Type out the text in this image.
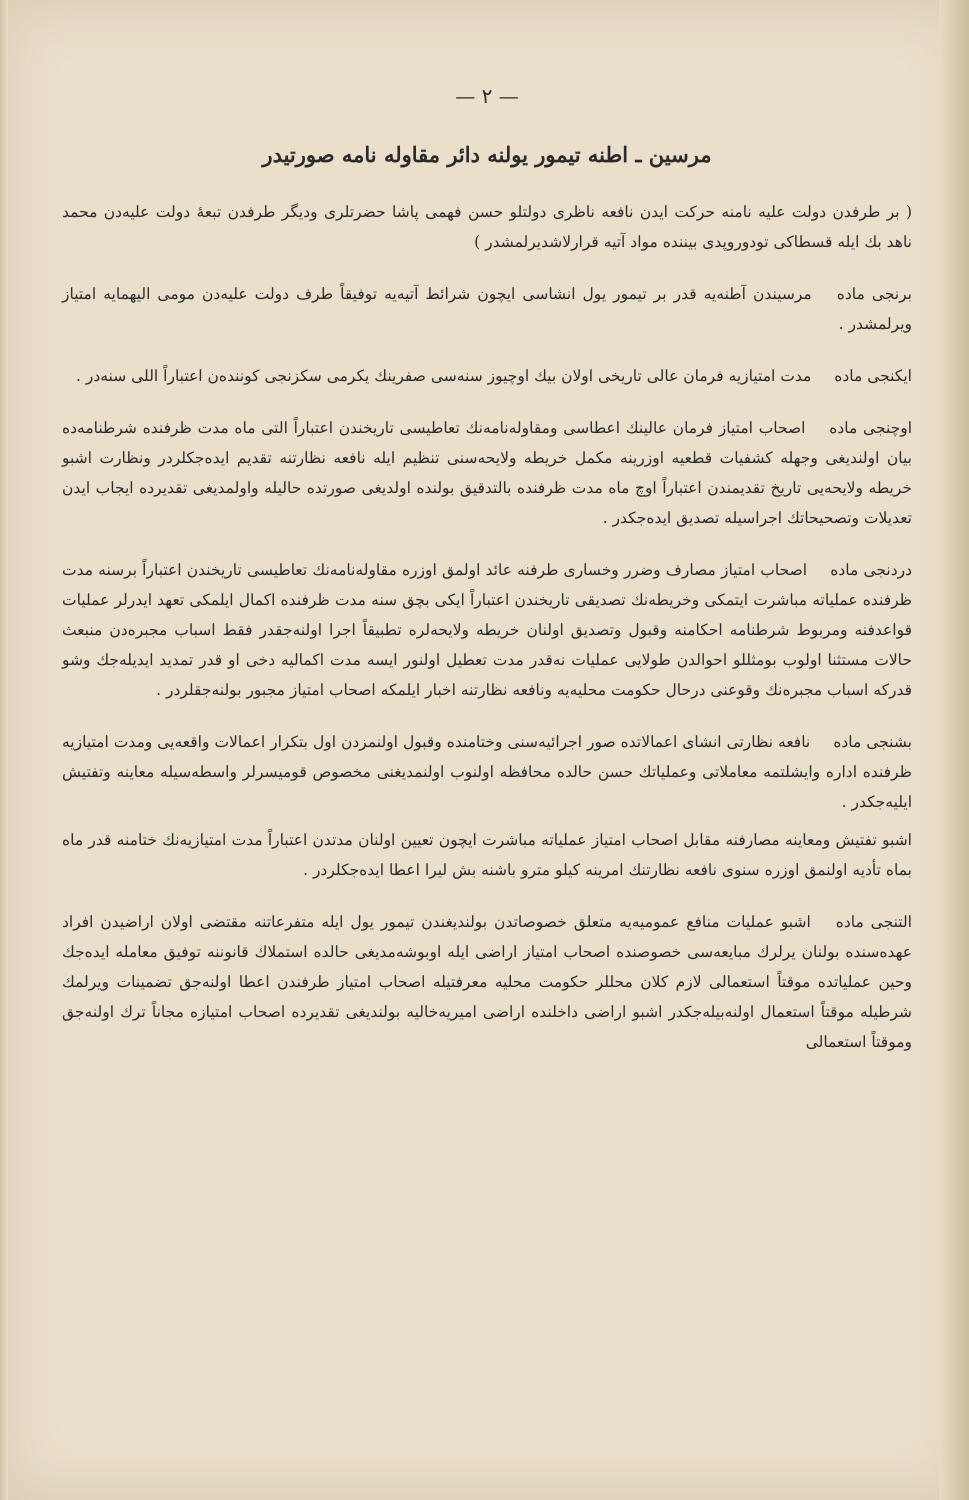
— ٢ —
مرسین ـ اطنه تیمور یولنه دائر مقاوله نامه صورتیدر

( بر طرفدن دولت علیه نامنه حرکت ایدن نافعه ناظری دولتلو حسن فهمی پاشا حضرتلری ودیگر طرفدن تبعهٔ دولت علیه‌دن محمد ناهد بك ایله قسطاکی تودوروپدی بیننده مواد آتیه قرارلاشدیرلمشدر )

برنجی ماده مرسیندن آطنه‌یه قدر بر تیمور یول انشاسی ایچون شرائط آتیه‌یه توفیقاً طرف دولت علیه‌دن مومی الیهمایه امتیاز ویرلمشدر .

ایکنجی ماده مدت امتیازیه فرمان عالی تاریخی اولان بیك اوچیوز سنه‌سی صفرینك یکرمی سکزنجی کوننده‌ن اعتباراً اللی سنه‌در .

اوچنجی ماده اصحاب امتیاز فرمان عالینك اعطاسی ومقاوله‌نامه‌نك تعاطیسی تاریخندن اعتباراً التی ماه مدت ظرفنده شرطنامه‌ده بیان اولندیغی وجهله کشفیات قطعیه اوزرینه مکمل خریطه ولایحه‌سنی تنظیم ایله نافعه نظارتنه تقدیم ایده‌جکلردر ونظارت اشبو خریطه ولایحه‌یی تاریخ تقدیمندن اعتباراً اوچ ماه مدت ظرفنده بالتدقیق بولنده اولدیغی صورتده حالیله واولمدیغی تقدیرده ایجاب ایدن تعدیلات وتصحیحاتك اجراسیله تصدیق ایده‌جکدر .

دردنجی ماده اصحاب امتیاز مصارف وضرر وخساری طرفنه عائد اولمق اوزره مقاوله‌نامه‌نك تعاطیسی تاریخندن اعتباراً برسنه مدت ظرفنده عملیاته مباشرت ایتمکی وخریطه‌نك تصدیقی تاریخندن اعتباراً ایکی بچق سنه مدت ظرفنده اکمال ایلمکی تعهد ایدرلر عملیات قواعدفنه ومربوط شرطنامه احکامنه وقبول وتصدیق اولنان خریطه ولایحه‌لره تطبیقاً اجرا اولنه‌جقدر فقط اسباب مجبره‌دن منبعث حالات مستثنا اولوب بومثللو احوالدن طولایی عملیات نه‌قدر مدت تعطیل اولنور ایسه مدت اکمالیه دخی او قدر تمدید ایدیله‌جك وشو قدرکه اسباب مجبره‌نك وقوعنی درحال حکومت محلیه‌یه ونافعه نظارتنه اخبار ایلمکه اصحاب امتیاز مجبور بولنه‌جقلردر .

بشنجی ماده نافعه نظارتی انشای اعمالاتده صور اجرائیه‌سنی وختامنده وقبول اولنمزدن اول بتکرار اعمالات واقعه‌یی ومدت امتیازیه ظرفنده اداره وایشلتمه معاملاتی وعملیاتك حسن حالده محافظه اولنوب اولنمدیغنی مخصوص قومیسرلر واسطه‌سیله معاینه وتفتیش ایلیه‌جکدر .

اشبو تفتیش ومعاینه مصارفنه مقابل اصحاب امتیاز عملیاته مباشرت ایچون تعیین اولنان مدتدن اعتباراً مدت امتیازیه‌نك ختامنه قدر ماه بماه تأدیه اولنمق اوزره سنوی نافعه نظارتنك امرینه کیلو مترو باشنه بش لیرا اعطا ایده‌جکلردر .

التنجی ماده اشبو عملیات منافع عمومیه‌یه متعلق خصوصاتدن بولندیغندن تیمور یول ایله متفرعاتنه مقتضی اولان اراضیدن افراد عهده‌سنده بولنان یرلرك مبایعه‌سی خصوصنده اصحاب امتیاز اراضی ایله اوبوشه‌مدیغی حالده استملاك قانوننه توفیق معامله ایده‌جك وحین عملیاتده موقتاً استعمالی لازم کلان محللر حکومت محلیه معرفتیله اصحاب امتیاز طرفندن اعطا اولنه‌جق تضمینات ویرلمك شرطیله موقتاً استعمال اولنه‌بیله‌جکدر اشبو اراضی داخلنده اراضی امیریه‌خالیه بولندیغی تقدیرده اصحاب امتیازه مجاناً ترك اولنه‌جق وموقتاً استعمالی
